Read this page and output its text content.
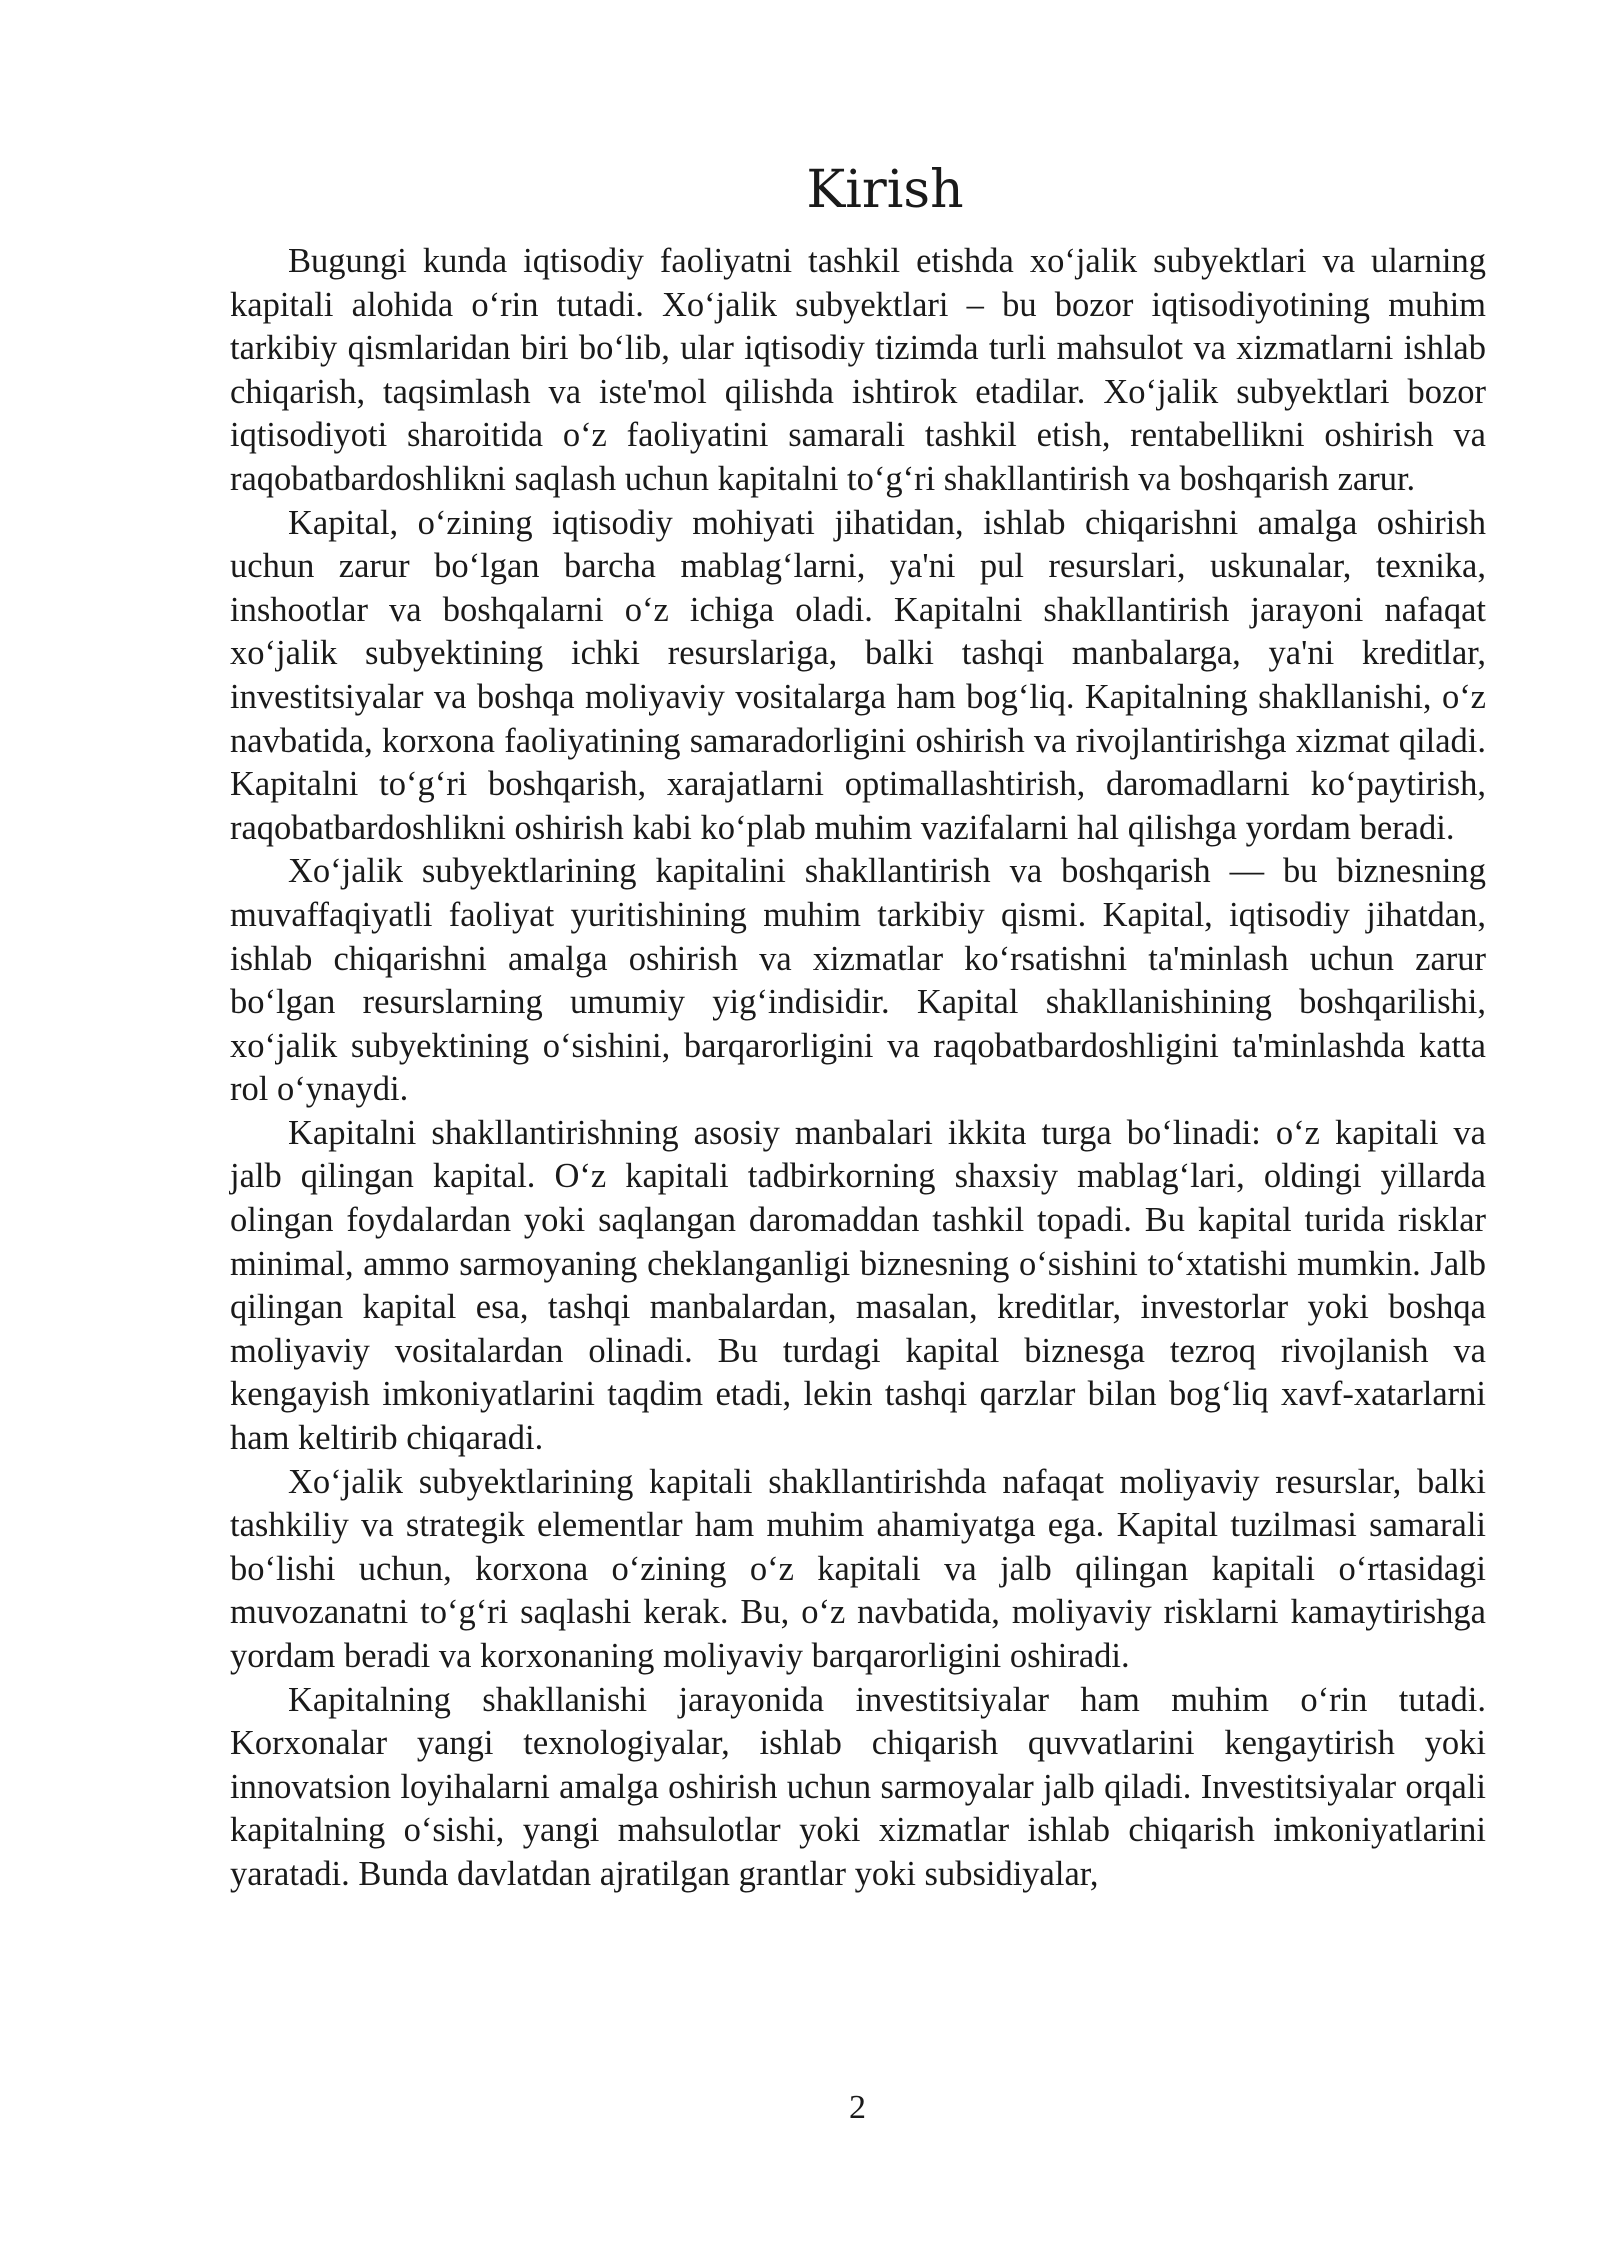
Kirish

Bugungi kunda iqtisodiy faoliyatni tashkil etishda xo‘jalik subyektlari va ularning kapitali alohida o‘rin tutadi. Xo‘jalik subyektlari – bu bozor iqtisodiyotining muhim tarkibiy qismlaridan biri bo‘lib, ular iqtisodiy tizimda turli mahsulot va xizmatlarni ishlab chiqarish, taqsimlash va iste'mol qilishda ishtirok etadilar. Xo‘jalik subyektlari bozor iqtisodiyoti sharoitida o‘z faoliyatini samarali tashkil etish, rentabellikni oshirish va raqobatbardoshlikni saqlash uchun kapitalni to‘g‘ri shakllantirish va boshqarish zarur.

Kapital, o‘zining iqtisodiy mohiyati jihatidan, ishlab chiqarishni amalga oshirish uchun zarur bo‘lgan barcha mablag‘larni, ya'ni pul resurslari, uskunalar, texnika, inshootlar va boshqalarni o‘z ichiga oladi. Kapitalni shakllantirish jarayoni nafaqat xo‘jalik subyektining ichki resurslariga, balki tashqi manbalarga, ya'ni kreditlar, investitsiyalar va boshqa moliyaviy vositalarga ham bog‘liq. Kapitalning shakllanishi, o‘z navbatida, korxona faoliyatining samaradorligini oshirish va rivojlantirishga xizmat qiladi. Kapitalni to‘g‘ri boshqarish, xarajatlarni optimallashtirish, daromadlarni ko‘paytirish, raqobatbardoshlikni oshirish kabi ko‘plab muhim vazifalarni hal qilishga yordam beradi.

Xo‘jalik subyektlarining kapitalini shakllantirish va boshqarish — bu biznesning muvaffaqiyatli faoliyat yuritishining muhim tarkibiy qismi. Kapital, iqtisodiy jihatdan, ishlab chiqarishni amalga oshirish va xizmatlar ko‘rsatishni ta'minlash uchun zarur bo‘lgan resurslarning umumiy yig‘indisidir. Kapital shakllanishining boshqarilishi, xo‘jalik subyektining o‘sishini, barqarorligini va raqobatbardoshligini ta'minlashda katta rol o‘ynaydi.

Kapitalni shakllantirishning asosiy manbalari ikkita turga bo‘linadi: o‘z kapitali va jalb qilingan kapital. O‘z kapitali tadbirkorning shaxsiy mablag‘lari, oldingi yillarda olingan foydalardan yoki saqlangan daromaddan tashkil topadi. Bu kapital turida risklar minimal, ammo sarmoyaning cheklanganligi biznesning o‘sishini to‘xtatishi mumkin. Jalb qilingan kapital esa, tashqi manbalardan, masalan, kreditlar, investorlar yoki boshqa moliyaviy vositalardan olinadi. Bu turdagi kapital biznesga tezroq rivojlanish va kengayish imkoniyatlarini taqdim etadi, lekin tashqi qarzlar bilan bog‘liq xavf-xatarlarni ham keltirib chiqaradi.

Xo‘jalik subyektlarining kapitali shakllantirishda nafaqat moliyaviy resurslar, balki tashkiliy va strategik elementlar ham muhim ahamiyatga ega. Kapital tuzilmasi samarali bo‘lishi uchun, korxona o‘zining o‘z kapitali va jalb qilingan kapitali o‘rtasidagi muvozanatni to‘g‘ri saqlashi kerak. Bu, o‘z navbatida, moliyaviy risklarni kamaytirishga yordam beradi va korxonaning moliyaviy barqarorligini oshiradi.

Kapitalning shakllanishi jarayonida investitsiyalar ham muhim o‘rin tutadi. Korxonalar yangi texnologiyalar, ishlab chiqarish quvvatlarini kengaytirish yoki innovatsion loyihalarni amalga oshirish uchun sarmoyalar jalb qiladi. Investitsiyalar orqali kapitalning o‘sishi, yangi mahsulotlar yoki xizmatlar ishlab chiqarish imkoniyatlarini yaratadi. Bunda davlatdan ajratilgan grantlar yoki subsidiyalar,

2
